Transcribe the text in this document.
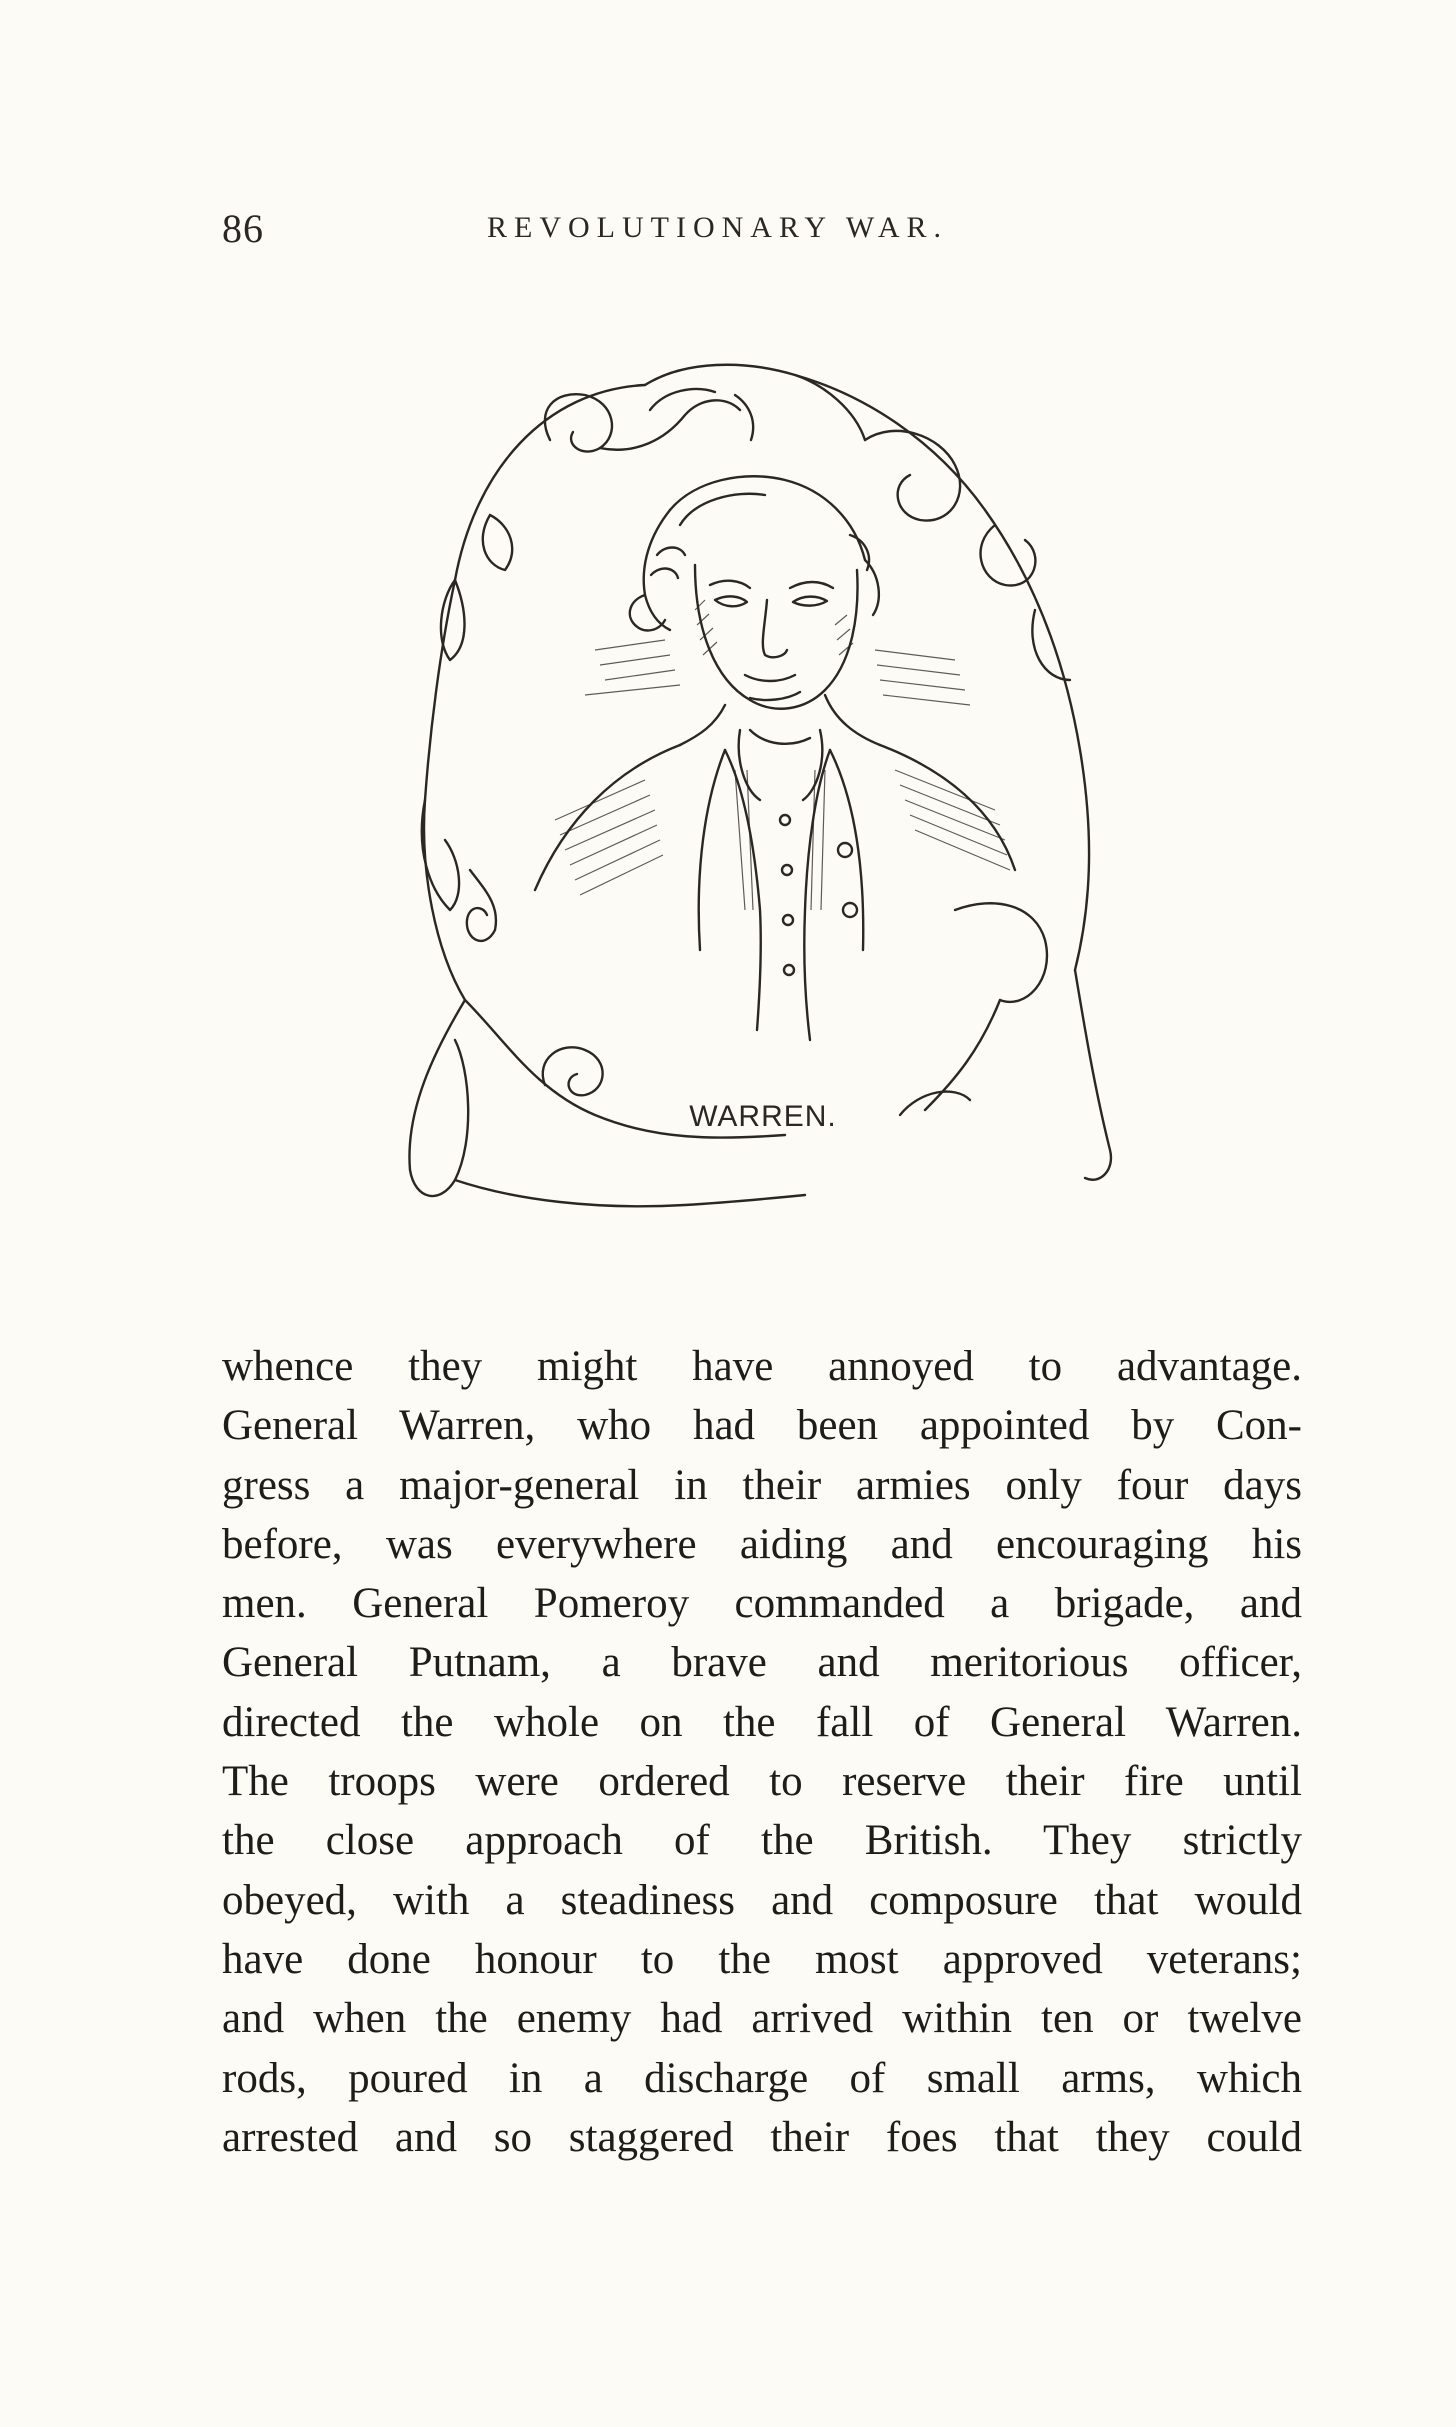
86	REVOLUTIONARY WAR.
WARREN.
whence they might have annoyed to advantage.
General Warren, who had been appointed by Con-
gress a major-general in their armies only four days
before, was everywhere aiding and encouraging his
men. General Pomeroy commanded a brigade, and
General Putnam, a brave and meritorious officer,
directed the whole on the fall of General Warren.
The troops were ordered to reserve their fire until
the close approach of the British. They strictly
obeyed, with a steadiness and composure that would
have done honour to the most approved veterans;
and when the enemy had arrived within ten or twelve
rods, poured in a discharge of small arms, which
arrested and so staggered their foes that they could
